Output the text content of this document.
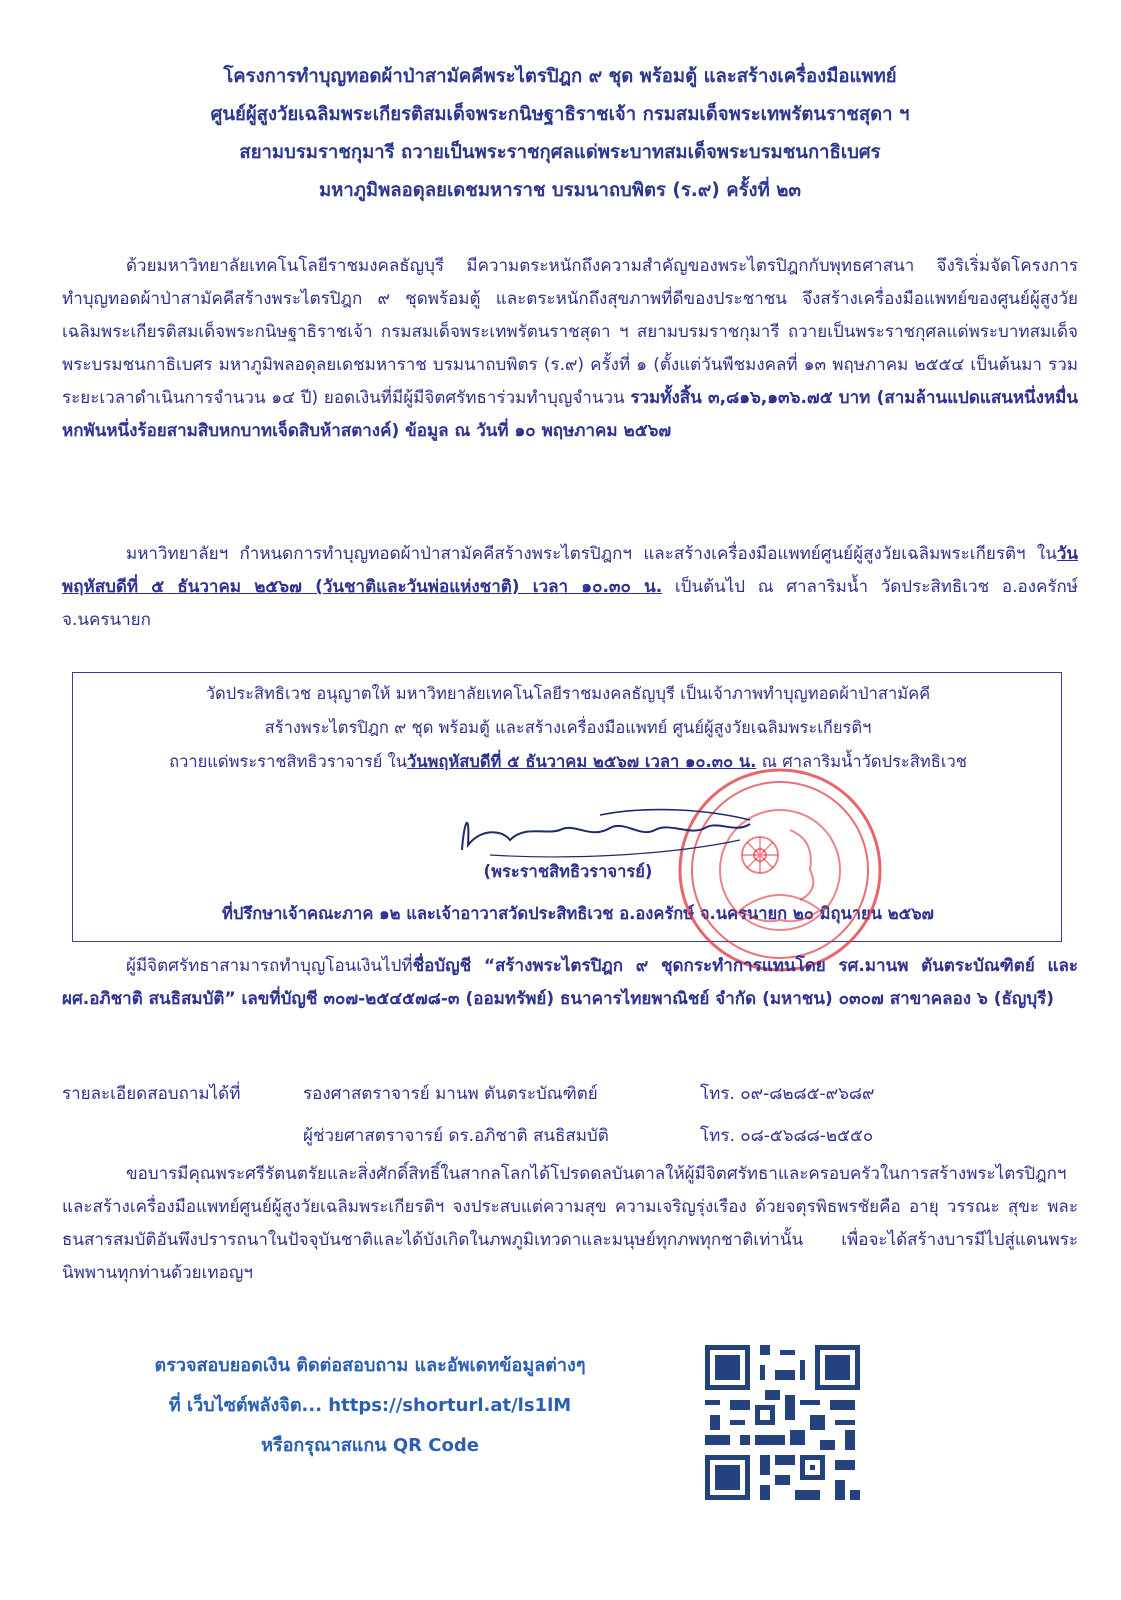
โครงการทำบุญทอดผ้าป่าสามัคคีพระไตรปิฎก ๙ ชุด พร้อมตู้ และสร้างเครื่องมือแพทย์
ศูนย์ผู้สูงวัยเฉลิมพระเกียรติสมเด็จพระกนิษฐาธิราชเจ้า กรมสมเด็จพระเทพรัตนราชสุดา ฯ
สยามบรมราชกุมารี ถวายเป็นพระราชกุศลแด่พระบาทสมเด็จพระบรมชนกาธิเบศร
มหาภูมิพลอดุลยเดชมหาราช บรมนาถบพิตร (ร.๙) ครั้งที่ ๒๓
ด้วยมหาวิทยาลัยเทคโนโลยีราชมงคลธัญบุรี มีความตระหนักถึงความสำคัญของพระไตรปิฎกกับพุทธศาสนา จึงริเริ่มจัดโครงการทำบุญทอดผ้าป่าสามัคคีสร้างพระไตรปิฎก ๙ ชุดพร้อมตู้ และตระหนักถึงสุขภาพที่ดีของประชาชน จึงสร้างเครื่องมือแพทย์ของศูนย์ผู้สูงวัยเฉลิมพระเกียรติสมเด็จพระกนิษฐาธิราชเจ้า กรมสมเด็จพระเทพรัตนราชสุดา ฯ สยามบรมราชกุมารี ถวายเป็นพระราชกุศลแด่พระบาทสมเด็จพระบรมชนกาธิเบศร มหาภูมิพลอดุลยเดชมหาราช บรมนาถบพิตร (ร.๙) ครั้งที่ ๑ (ตั้งแต่วันพืชมงคลที่ ๑๓ พฤษภาคม ๒๕๕๔ เป็นต้นมา รวมระยะเวลาดำเนินการจำนวน ๑๔ ปี) ยอดเงินที่มีผู้มีจิตศรัทธาร่วมทำบุญจำนวน รวมทั้งสิ้น ๓,๘๑๖,๑๓๖.๗๕ บาท (สามล้านแปดแสนหนึ่งหมื่นหกพันหนึ่งร้อยสามสิบหกบาทเจ็ดสิบห้าสตางค์) ข้อมูล ณ วันที่ ๑๐ พฤษภาคม ๒๕๖๗
มหาวิทยาลัยฯ กำหนดการทำบุญทอดผ้าป่าสามัคคีสร้างพระไตรปิฎกฯ และสร้างเครื่องมือแพทย์ศูนย์ผู้สูงวัยเฉลิมพระเกียรติฯ ในวันพฤหัสบดีที่ ๕ ธันวาคม ๒๕๖๗ (วันชาติและวันพ่อแห่งชาติ) เวลา ๑๐.๓๐ น. เป็นต้นไป ณ ศาลาริมน้ำ วัดประสิทธิเวช อ.องครักษ์ จ.นครนายก
วัดประสิทธิเวช อนุญาตให้ มหาวิทยาลัยเทคโนโลยีราชมงคลธัญบุรี เป็นเจ้าภาพทำบุญทอดผ้าป่าสามัคคี
สร้างพระไตรปิฎก ๙ ชุด พร้อมตู้ และสร้างเครื่องมือแพทย์ ศูนย์ผู้สูงวัยเฉลิมพระเกียรติฯ
ถวายแด่พระราชสิทธิวราจารย์ ในวันพฤหัสบดีที่ ๕ ธันวาคม ๒๕๖๗ เวลา ๑๐.๓๐ น. ณ ศาลาริมน้ำวัดประสิทธิเวช
(พระราชสิทธิวราจารย์)
ที่ปรึกษาเจ้าคณะภาค ๑๒ และเจ้าอาวาสวัดประสิทธิเวช อ.องครักษ์ จ.นครนายก ๒๐ มิถุนายน ๒๕๖๗
ผู้มีจิตศรัทธาสามารถทำบุญโอนเงินไปที่ชื่อบัญชี “สร้างพระไตรปิฎก ๙ ชุดกระทำการแทนโดย รศ.มานพ ตันตระบัณฑิตย์ และ ผศ.อภิชาติ สนธิสมบัติ” เลขที่บัญชี ๓๐๗-๒๕๔๕๗๘-๓ (ออมทรัพย์) ธนาคารไทยพาณิชย์ จำกัด (มหาชน) ๐๓๐๗ สาขาคลอง ๖ (ธัญบุรี)
รายละเอียดสอบถามได้ที่	รองศาสตราจารย์ มานพ ตันตระบัณฑิตย์	โทร. ๐๙-๘๒๘๕-๙๖๘๙
ผู้ช่วยศาสตราจารย์ ดร.อภิชาติ สนธิสมบัติ	โทร. ๐๘-๕๖๘๘-๒๕๕๐
ขอบารมีคุณพระศรีรัตนตรัยและสิ่งศักดิ์สิทธิ์ในสากลโลกได้โปรดดลบันดาลให้ผู้มีจิตศรัทธาและครอบครัวในการสร้างพระไตรปิฎกฯ และสร้างเครื่องมือแพทย์ศูนย์ผู้สูงวัยเฉลิมพระเกียรติฯ จงประสบแต่ความสุข ความเจริญรุ่งเรือง ด้วยจตุรพิธพรชัยคือ อายุ วรรณะ สุขะ พละ ธนสารสมบัติอันพึงปรารถนาในปัจจุบันชาติและได้บังเกิดในภพภูมิเทวดาและมนุษย์ทุกภพทุกชาติเท่านั้น เพื่อจะได้สร้างบารมีไปสู่แดนพระนิพพานทุกท่านด้วยเทอญฯ
ตรวจสอบยอดเงิน ติดต่อสอบถาม และอัพเดทข้อมูลต่างๆ
ที่ เว็บไซต์พลังจิต... https://shorturl.at/ls1lM
หรือกรุณาสแกน QR Code
